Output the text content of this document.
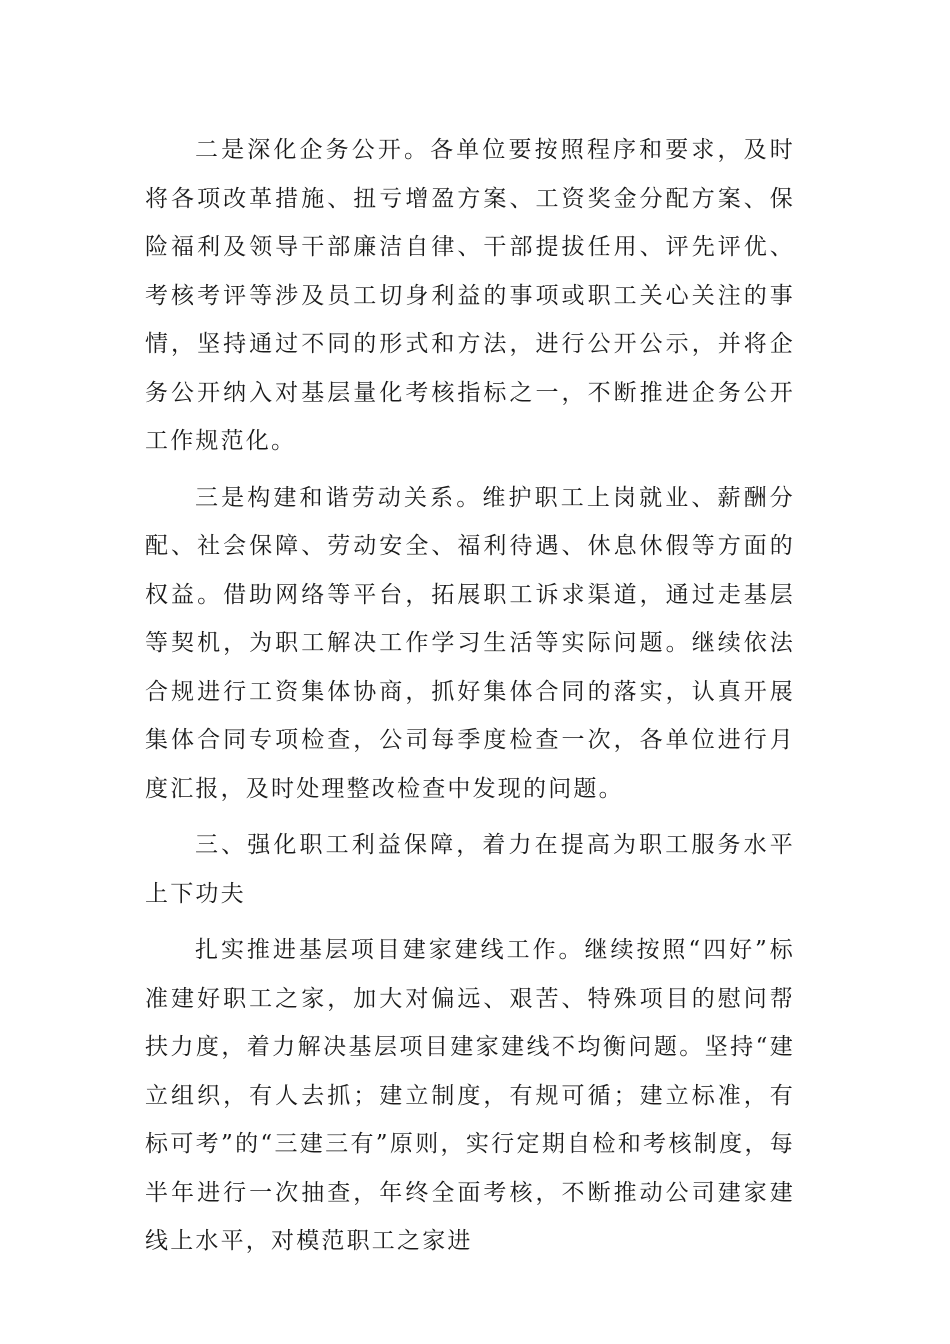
二是深化企务公开。各单位要按照程序和要求，及时将各项改革措施、扭亏增盈方案、工资奖金分配方案、保险福利及领导干部廉洁自律、干部提拔任用、评先评优、考核考评等涉及员工切身利益的事项或职工关心关注的事情，坚持通过不同的形式和方法，进行公开公示，并将企务公开纳入对基层量化考核指标之一，不断推进企务公开工作规范化。

三是构建和谐劳动关系。维护职工上岗就业、薪酬分配、社会保障、劳动安全、福利待遇、休息休假等方面的权益。借助网络等平台，拓展职工诉求渠道，通过走基层等契机，为职工解决工作学习生活等实际问题。继续依法合规进行工资集体协商，抓好集体合同的落实，认真开展集体合同专项检查，公司每季度检查一次，各单位进行月度汇报，及时处理整改检查中发现的问题。

三、强化职工利益保障，着力在提高为职工服务水平上下功夫

扎实推进基层项目建家建线工作。继续按照“四好”标准建好职工之家，加大对偏远、艰苦、特殊项目的慰问帮扶力度，着力解决基层项目建家建线不均衡问题。坚持“建立组织，有人去抓；建立制度，有规可循；建立标准，有标可考”的“三建三有”原则，实行定期自检和考核制度，每半年进行一次抽查，年终全面考核，不断推动公司建家建线上水平，对模范职工之家进
